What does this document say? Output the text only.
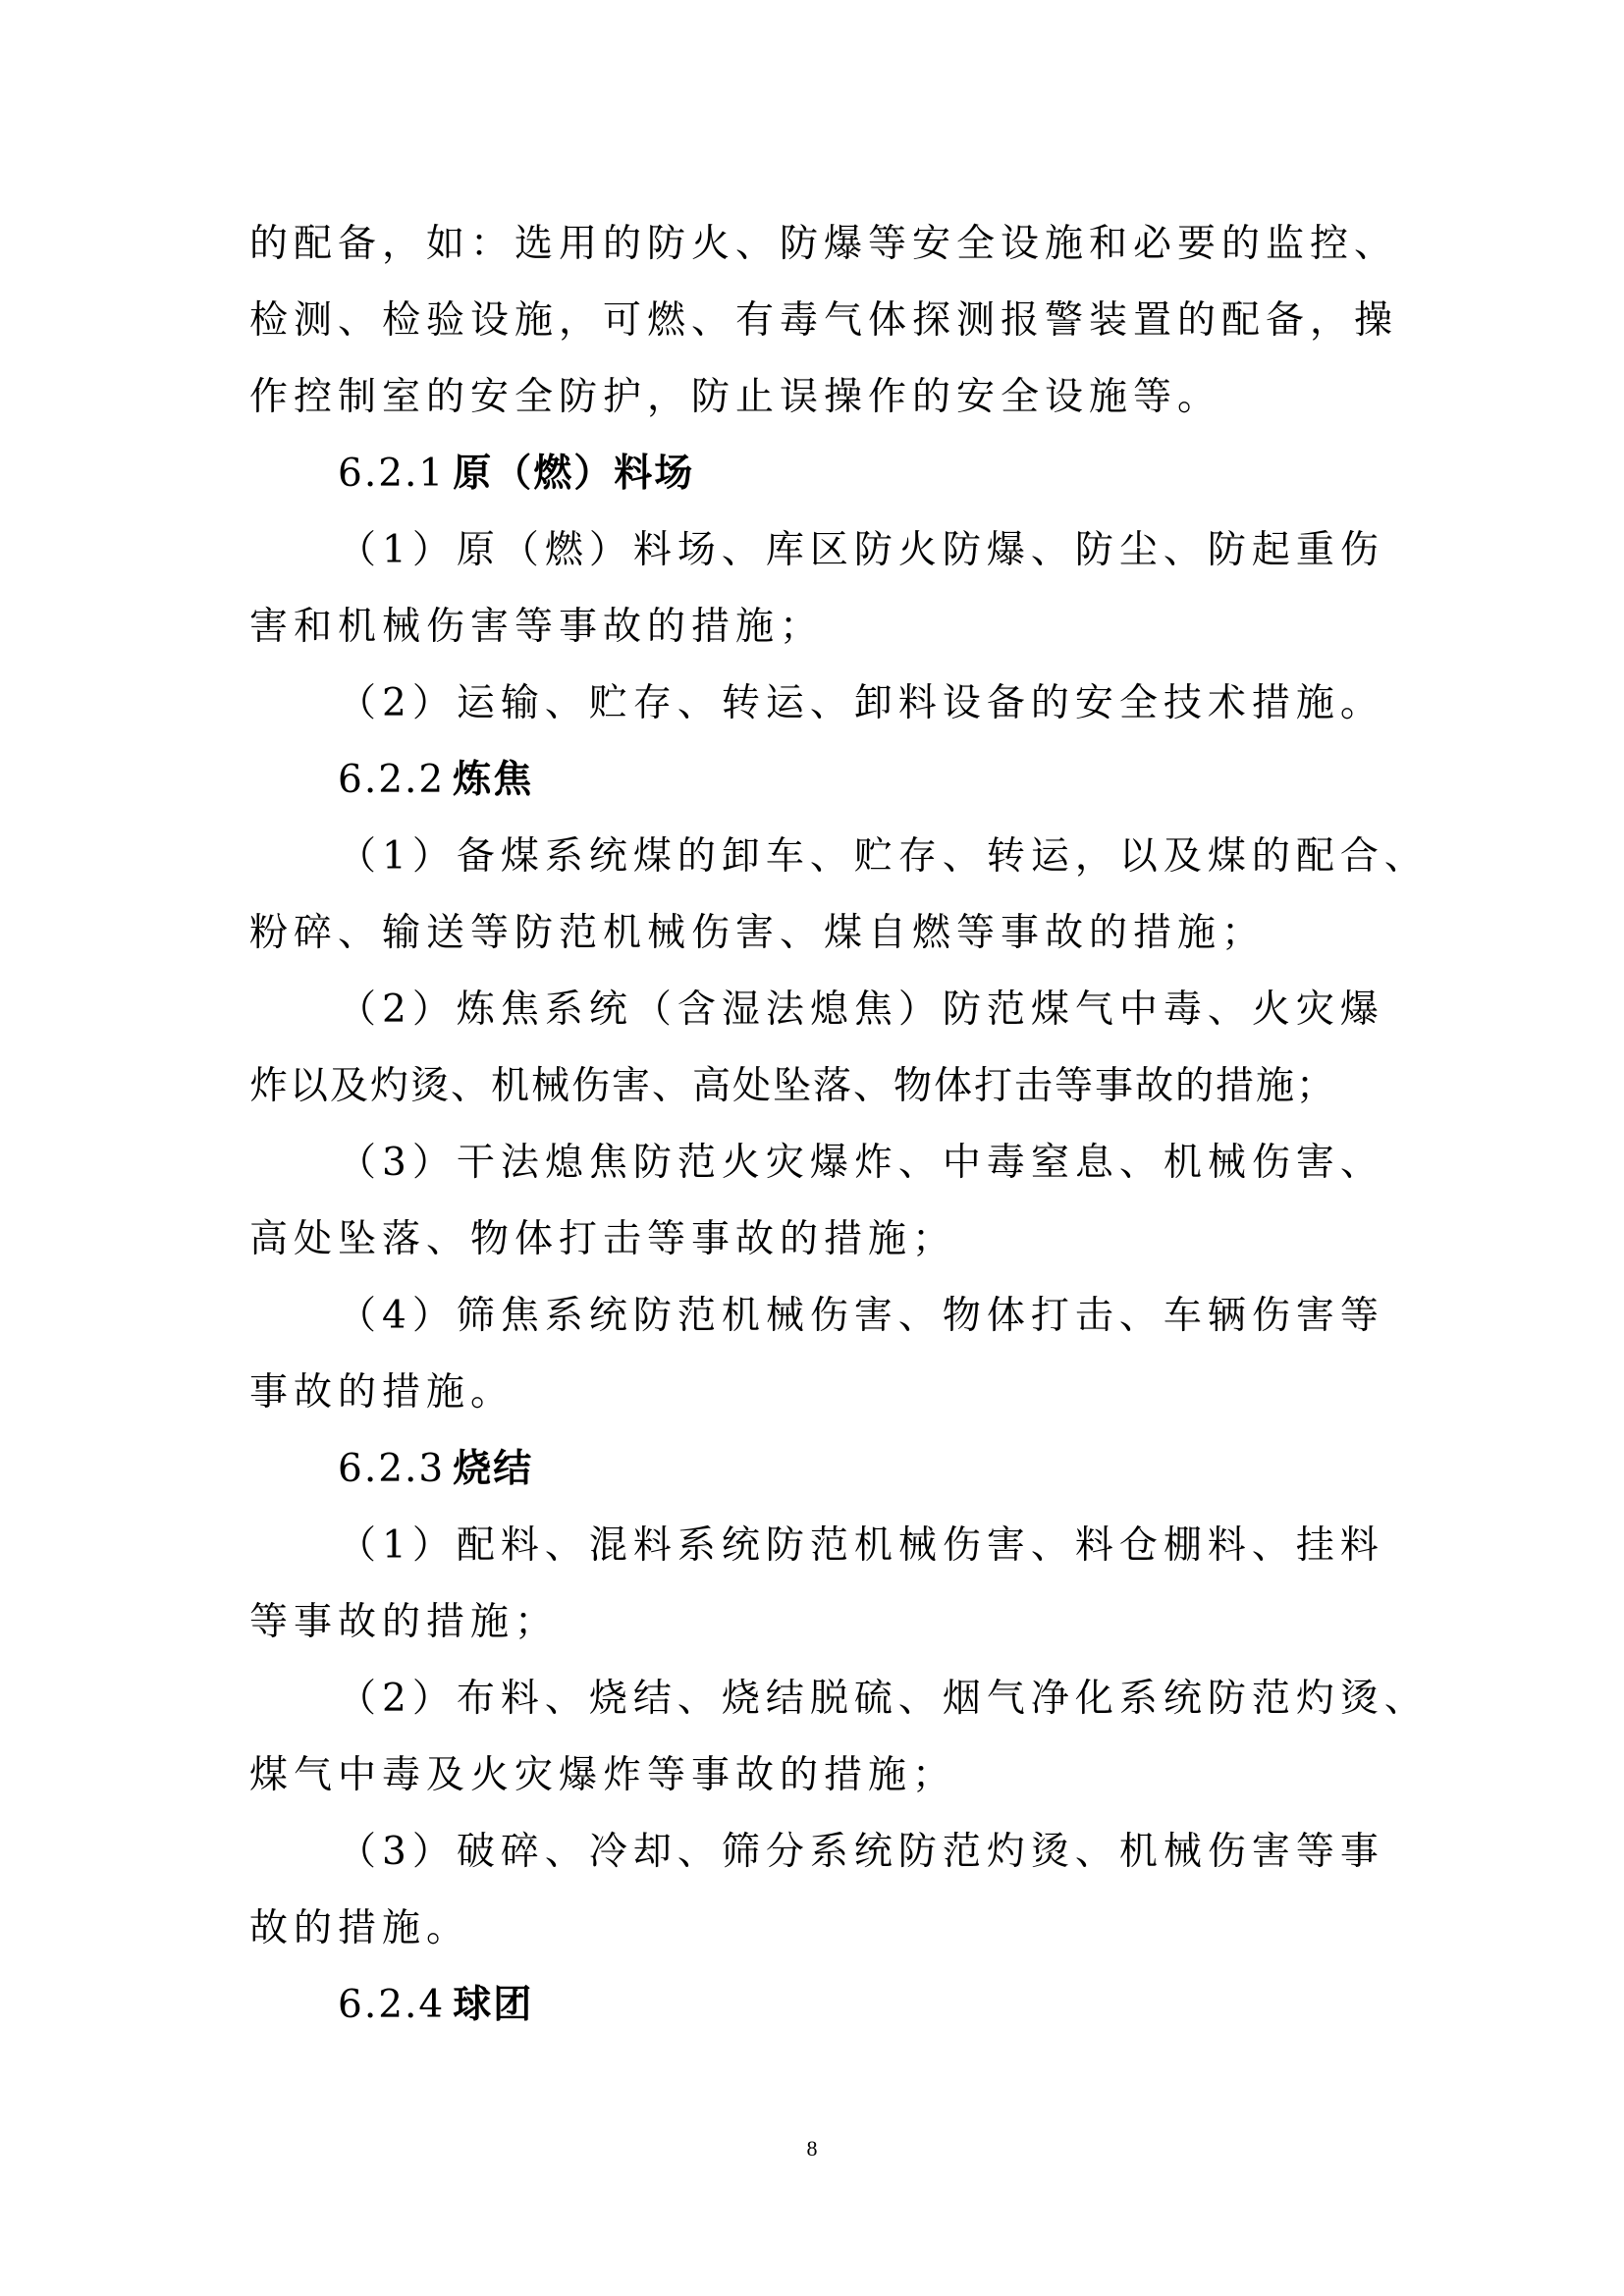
的配备，如：选用的防火、防爆等安全设施和必要的监控、
检测、检验设施，可燃、有毒气体探测报警装置的配备，操
作控制室的安全防护，防止误操作的安全设施等。
6.2.1 原（燃）料场
（1）原（燃）料场、库区防火防爆、防尘、防起重伤
害和机械伤害等事故的措施；
（2）运输、贮存、转运、卸料设备的安全技术措施。
6.2.2 炼焦
（1）备煤系统煤的卸车、贮存、转运，以及煤的配合、
粉碎、输送等防范机械伤害、煤自燃等事故的措施；
（2）炼焦系统（含湿法熄焦）防范煤气中毒、火灾爆
炸以及灼烫、机械伤害、高处坠落、物体打击等事故的措施；
（3）干法熄焦防范火灾爆炸、中毒窒息、机械伤害、
高处坠落、物体打击等事故的措施；
（4）筛焦系统防范机械伤害、物体打击、车辆伤害等
事故的措施。
6.2.3 烧结
（1）配料、混料系统防范机械伤害、料仓棚料、挂料
等事故的措施；
（2）布料、烧结、烧结脱硫、烟气净化系统防范灼烫、
煤气中毒及火灾爆炸等事故的措施；
（3）破碎、冷却、筛分系统防范灼烫、机械伤害等事
故的措施。
6.2.4 球团
8
